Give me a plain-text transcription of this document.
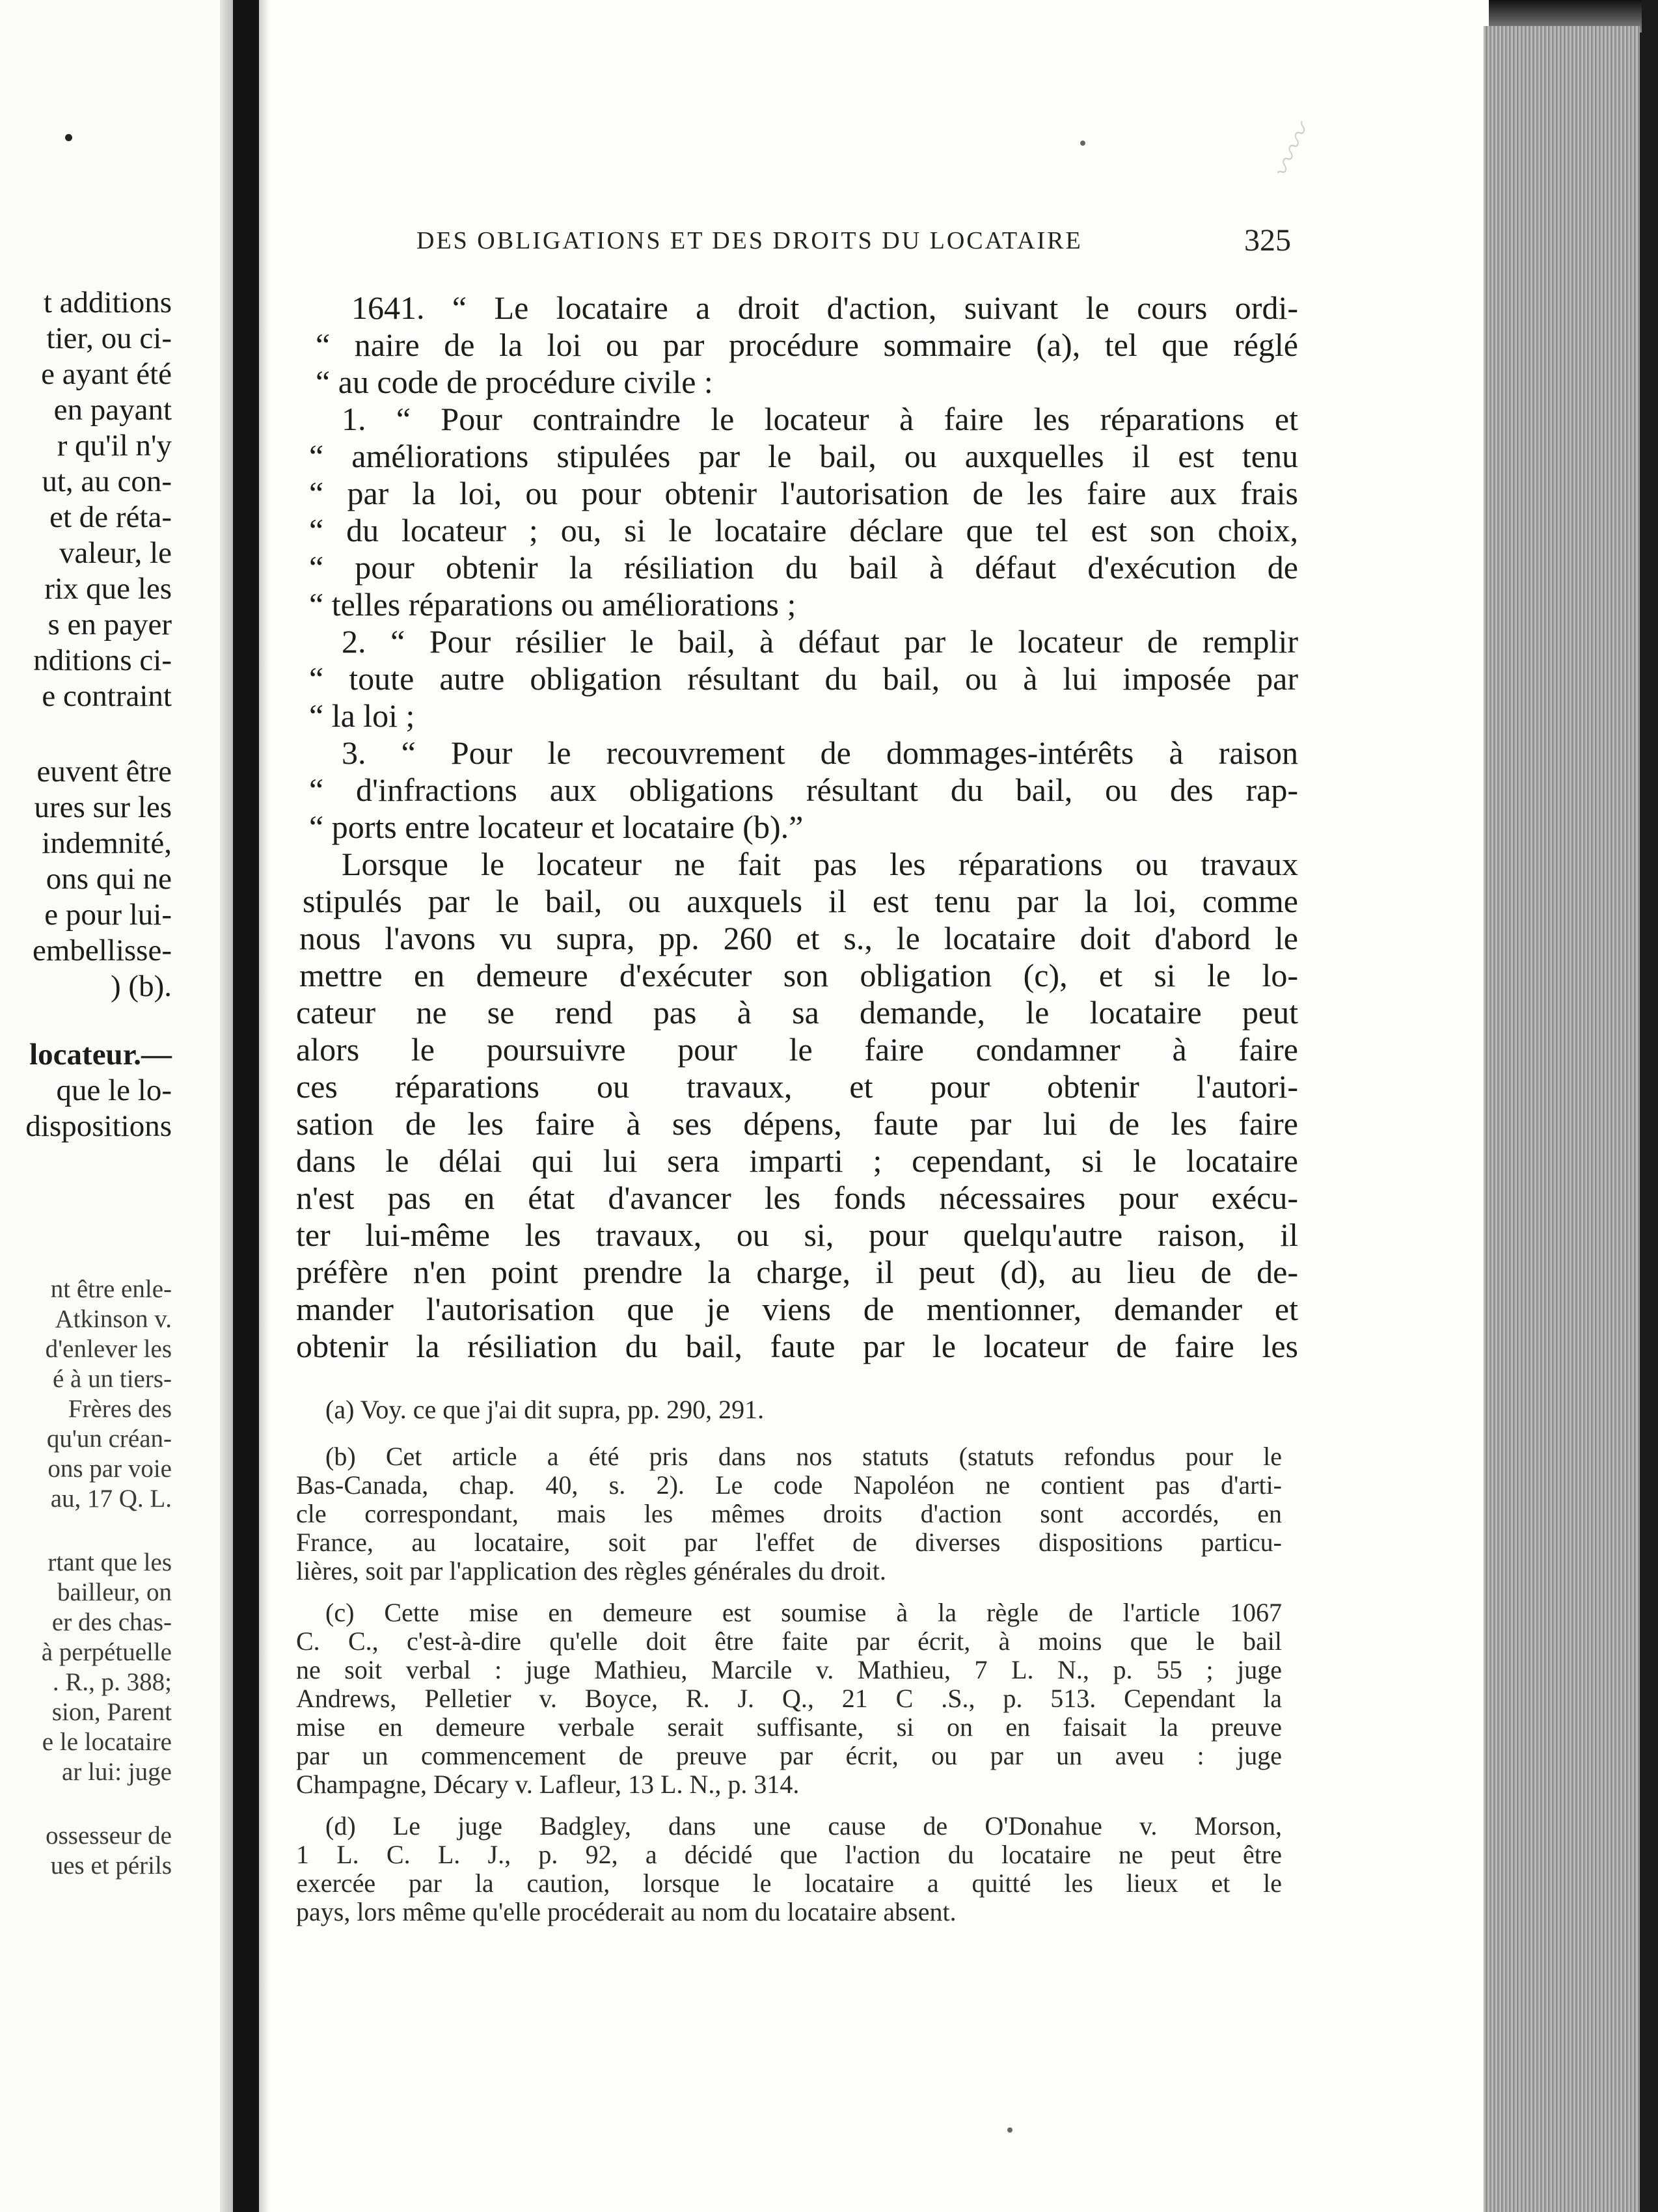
t additions
tier, ou ci-
e ayant été
en payant
r qu'il n'y
ut, au con-
et de réta-
valeur, le
rix que les
s en payer
nditions ci-
e contraint
euvent être
ures sur les
indemnité,
ons qui ne
e pour lui-
embellisse-
) (b).
locateur.—
que le lo-
dispositions
nt être enle-
Atkinson v.
d'enlever les
é à un tiers-
Frères des
qu'un créan-
ons par voie
au, 17 Q. L.
rtant que les
bailleur, on
er des chas-
à perpétuelle
. R., p. 388;
sion, Parent
e le locataire
ar lui: juge
ossesseur de
ues et périls
〰〰
DES OBLIGATIONS ET DES DROITS DU LOCATAIRE	325
1641. “ Le locataire a droit d'action, suivant le cours ordi-
“ naire de la loi ou par procédure sommaire (a), tel que réglé
“ au code de procédure civile :
1. “ Pour contraindre le locateur à faire les réparations et
“ améliorations stipulées par le bail, ou auxquelles il est tenu
“ par la loi, ou pour obtenir l'autorisation de les faire aux frais
“ du locateur ; ou, si le locataire déclare que tel est son choix,
“ pour obtenir la résiliation du bail à défaut d'exécution de
“ telles réparations ou améliorations ;
2. “ Pour résilier le bail, à défaut par le locateur de remplir
“ toute autre obligation résultant du bail, ou à lui imposée par
“ la loi ;
3. “ Pour le recouvrement de dommages-intérêts à raison
“ d'infractions aux obligations résultant du bail, ou des rap-
“ ports entre locateur et locataire (b).”
Lorsque le locateur ne fait pas les réparations ou travaux
stipulés par le bail, ou auxquels il est tenu par la loi, comme
nous l'avons vu supra, pp. 260 et s., le locataire doit d'abord le
mettre en demeure d'exécuter son obligation (c), et si le lo-
cateur ne se rend pas à sa demande, le locataire peut
alors le poursuivre pour le faire condamner à faire
ces réparations ou travaux, et pour obtenir l'autori-
sation de les faire à ses dépens, faute par lui de les faire
dans le délai qui lui sera imparti ; cependant, si le locataire
n'est pas en état d'avancer les fonds nécessaires pour exécu-
ter lui-même les travaux, ou si, pour quelqu'autre raison, il
préfère n'en point prendre la charge, il peut (d), au lieu de de-
mander l'autorisation que je viens de mentionner, demander et
obtenir la résiliation du bail, faute par le locateur de faire les
(a) Voy. ce que j'ai dit supra, pp. 290, 291.
(b) Cet article a été pris dans nos statuts (statuts refondus pour le
Bas-Canada, chap. 40, s. 2). Le code Napoléon ne contient pas d'arti-
cle correspondant, mais les mêmes droits d'action sont accordés, en
France, au locataire, soit par l'effet de diverses dispositions particu-
lières, soit par l'application des règles générales du droit.
(c) Cette mise en demeure est soumise à la règle de l'article 1067
C. C., c'est-à-dire qu'elle doit être faite par écrit, à moins que le bail
ne soit verbal : juge Mathieu, Marcile v. Mathieu, 7 L. N., p. 55 ; juge
Andrews, Pelletier v. Boyce, R. J. Q., 21 C .S., p. 513. Cependant la
mise en demeure verbale serait suffisante, si on en faisait la preuve
par un commencement de preuve par écrit, ou par un aveu : juge
Champagne, Décary v. Lafleur, 13 L. N., p. 314.
(d) Le juge Badgley, dans une cause de O'Donahue v. Morson,
1 L. C. L. J., p. 92, a décidé que l'action du locataire ne peut être
exercée par la caution, lorsque le locataire a quitté les lieux et le
pays, lors même qu'elle procéderait au nom du locataire absent.
